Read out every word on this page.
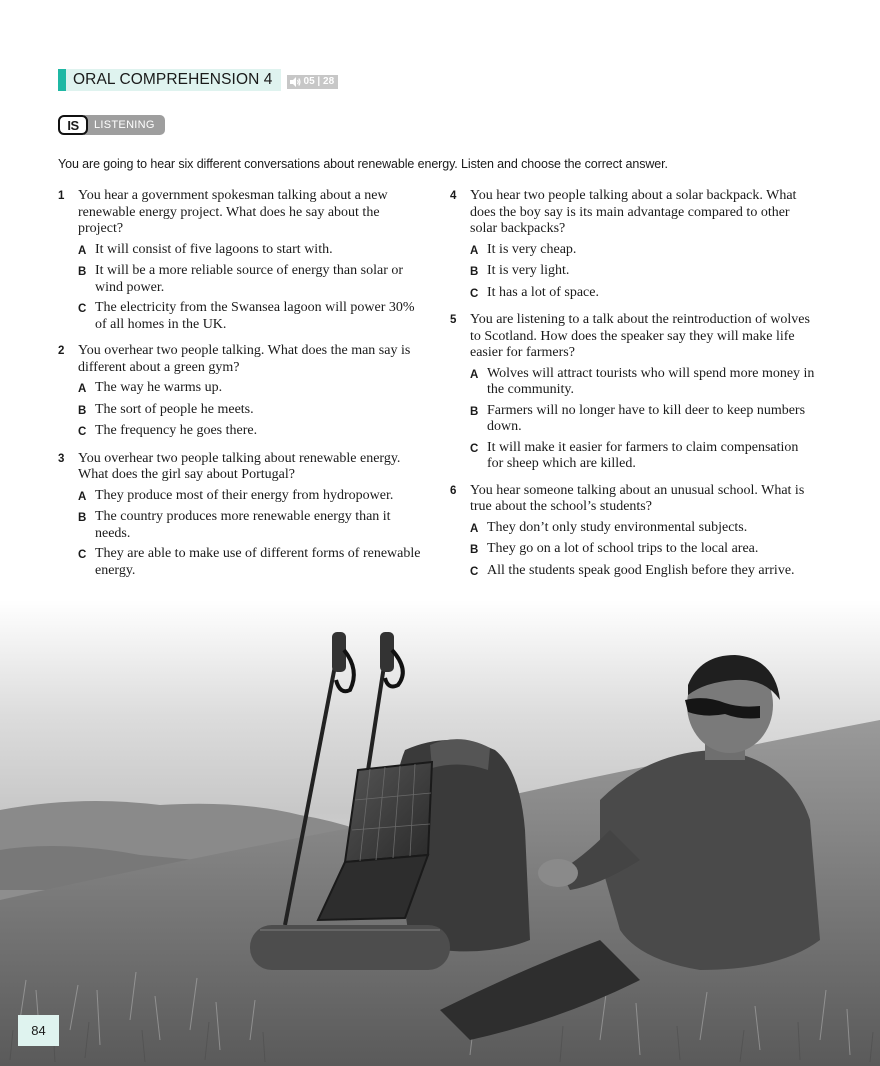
ORAL COMPREHENSION 4	05 | 28
IS	LISTENING
You are going to hear six different conversations about renewable energy. Listen and choose the correct answer.
1 You hear a government spokesman talking about a new renewable energy project. What does he say about the project?
A It will consist of five lagoons to start with.
B It will be a more reliable source of energy than solar or wind power.
C The electricity from the Swansea lagoon will power 30% of all homes in the UK.
2 You overhear two people talking. What does the man say is different about a green gym?
A The way he warms up.
B The sort of people he meets.
C The frequency he goes there.
3 You overhear two people talking about renewable energy. What does the girl say about Portugal?
A They produce most of their energy from hydropower.
B The country produces more renewable energy than it needs.
C They are able to make use of different forms of renewable energy.
4 You hear two people talking about a solar backpack. What does the boy say is its main advantage compared to other solar backpacks?
A It is very cheap.
B It is very light.
C It has a lot of space.
5 You are listening to a talk about the reintroduction of wolves to Scotland. How does the speaker say they will make life easier for farmers?
A Wolves will attract tourists who will spend more money in the community.
B Farmers will no longer have to kill deer to keep numbers down.
C It will make it easier for farmers to claim compensation for sheep which are killed.
6 You hear someone talking about an unusual school. What is true about the school’s students?
A They don’t only study environmental subjects.
B They go on a lot of school trips to the local area.
C All the students speak good English before they arrive.
84
